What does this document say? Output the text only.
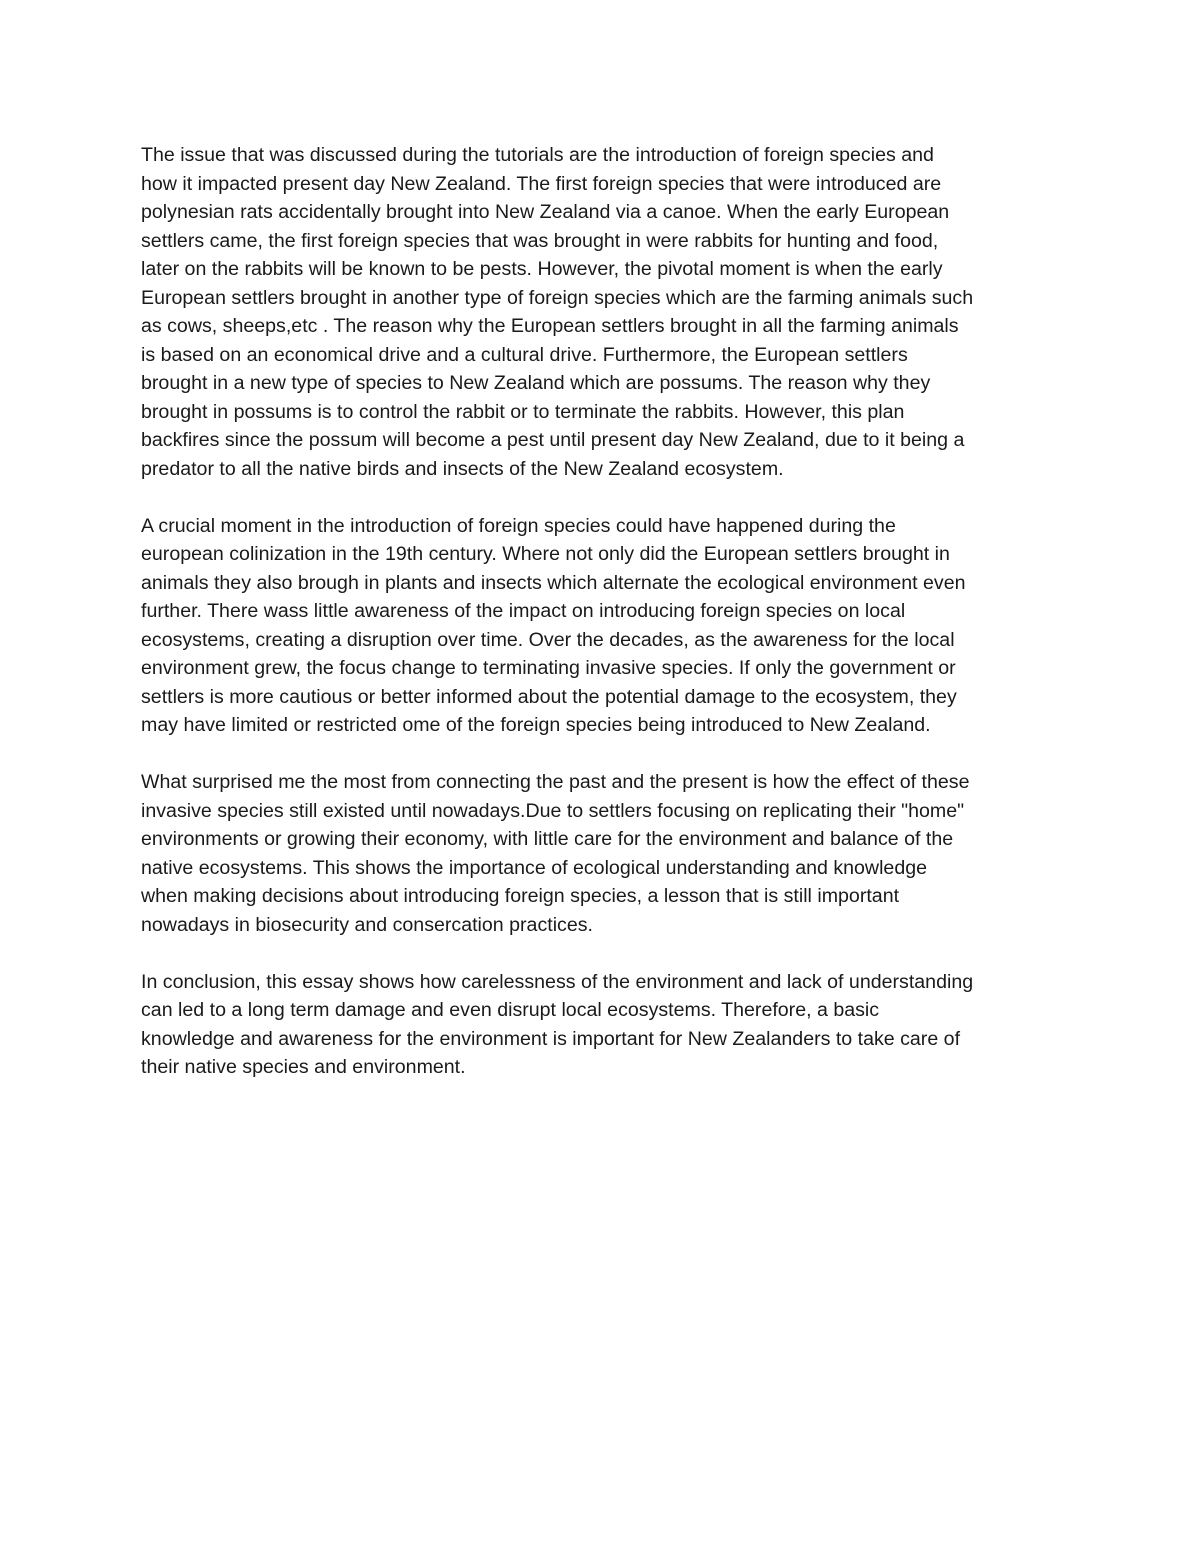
The issue that was discussed during the tutorials are the introduction of foreign species and
how it impacted present day New Zealand. The first foreign species that were introduced are
polynesian rats accidentally brought into New Zealand via a canoe. When the early European
settlers came, the first foreign species that was brought in were rabbits for hunting and food,
later on the rabbits will be known to be pests. However, the pivotal moment is when the early
European settlers brought in another type of foreign species which are the farming animals such
as cows, sheeps,etc . The reason why the European settlers brought in all the farming animals
is based on an economical drive and a cultural drive. Furthermore, the European settlers
brought in a new type of species to New Zealand which are possums. The reason why they
brought in possums is to control the rabbit or to terminate the rabbits. However, this plan
backfires since the possum will become a pest until present day New Zealand, due to it being a
predator to all the native birds and insects of the New Zealand ecosystem.

A crucial moment in the introduction of foreign species could have happened during the
european colinization in the 19th century. Where not only did the European settlers brought in
animals they also brough in plants and insects which alternate the ecological environment even
further. There wass little awareness of the impact on introducing foreign species on local
ecosystems, creating a disruption over time. Over the decades, as the awareness for the local
environment grew, the focus change to terminating invasive species. If only the government or
settlers is more cautious or better informed about the potential damage to the ecosystem, they
may have limited or restricted ome of the foreign species being introduced to New Zealand.

What surprised me the most from connecting the past and the present is how the effect of these
invasive species still existed until nowadays.Due to settlers focusing on replicating their "home"
environments or growing their economy, with little care for the environment and balance of the
native ecosystems. This shows the importance of ecological understanding and knowledge
when making decisions about introducing foreign species, a lesson that is still important
nowadays in biosecurity and consercation practices.

In conclusion, this essay shows how carelessness of the environment and lack of understanding
can led to a long term damage and even disrupt local ecosystems. Therefore, a basic
knowledge and awareness for the environment is important for New Zealanders to take care of
their native species and environment.
